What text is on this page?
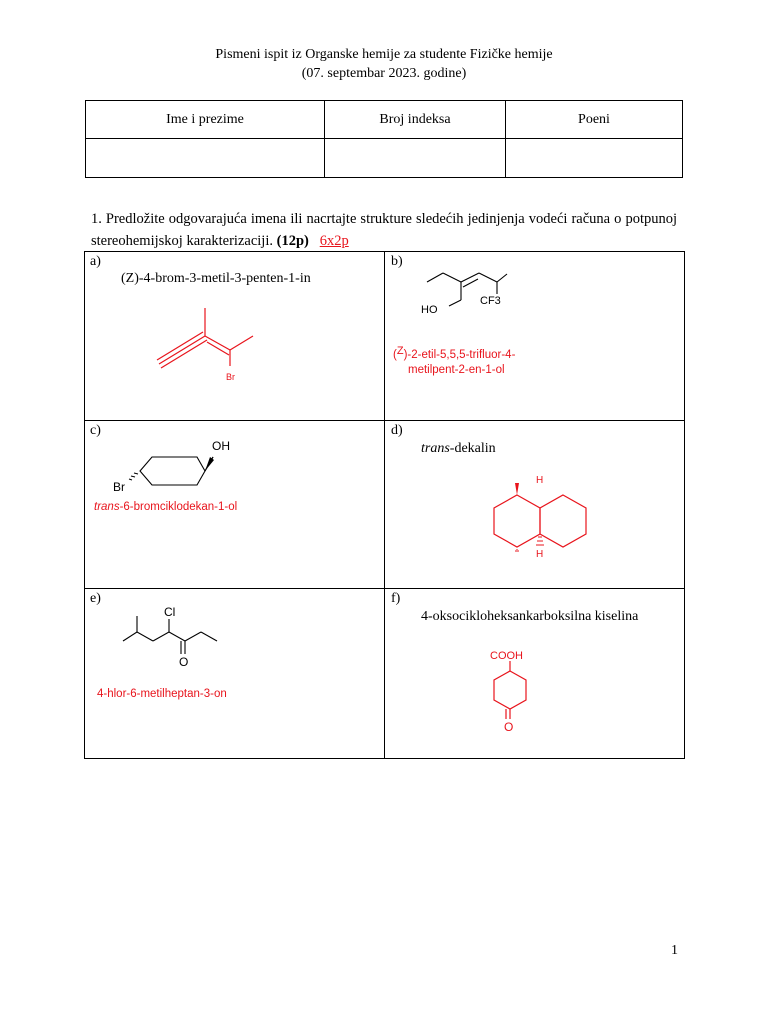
Pismeni ispit iz Organske hemije za studente Fizičke hemije
(07. septembar 2023. godine)
Ime i prezime	Broj indeksa	Poeni

1. Predložite odgovarajuća imena ili nacrtajte strukture sledećih jedinjenja vodeći računa o potpunoj stereohemijskoj karakterizaciji. (12p) 6x2p
a)
(Z)-4-brom-3-metil-3-penten-1-in
Br
b)
HO
CF3
(Z)-2-etil-5,5,5-trifluor-4-
metilpent-2-en-1-ol
c)
OH
Br
trans-6-bromciklodekan-1-ol
d)
trans-dekalin
H
H
e)
Cl
O
4-hlor-6-metilheptan-3-on
f)
4-oksocikloheksankarboksilna kiselina
COOH
O
1
